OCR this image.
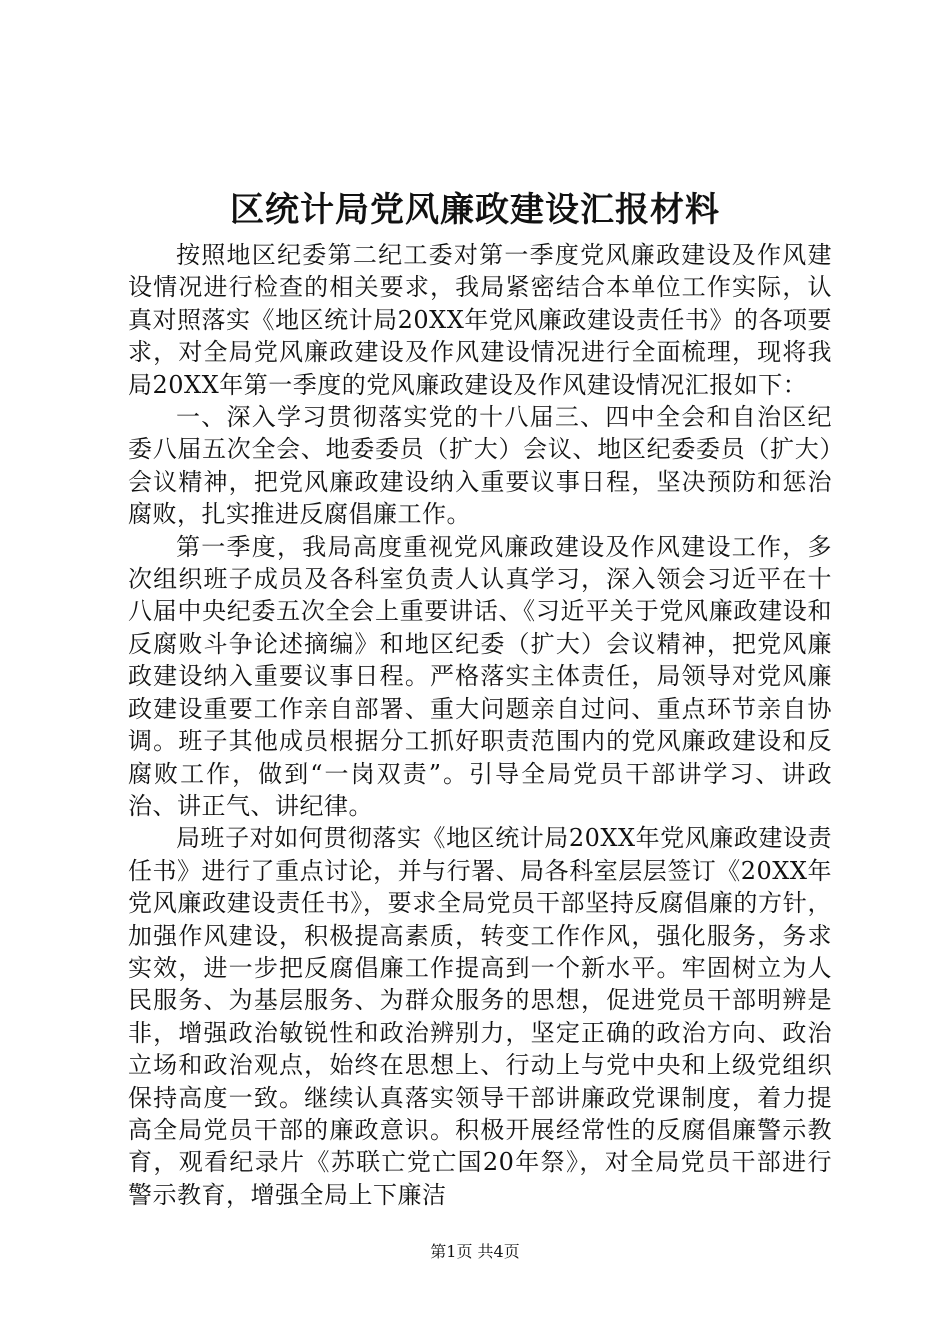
区统计局党风廉政建设汇报材料

按照地区纪委第二纪工委对第一季度党风廉政建设及作风建设情况进行检查的相关要求，我局紧密结合本单位工作实际，认真对照落实《地区统计局20XX年党风廉政建设责任书》的各项要求，对全局党风廉政建设及作风建设情况进行全面梳理，现将我局20XX年第一季度的党风廉政建设及作风建设情况汇报如下：

一、深入学习贯彻落实党的十八届三、四中全会和自治区纪委八届五次全会、地委委员（扩大）会议、地区纪委委员（扩大）会议精神，把党风廉政建设纳入重要议事日程，坚决预防和惩治腐败，扎实推进反腐倡廉工作。

第一季度，我局高度重视党风廉政建设及作风建设工作，多次组织班子成员及各科室负责人认真学习，深入领会习近平在十八届中央纪委五次全会上重要讲话、《习近平关于党风廉政建设和反腐败斗争论述摘编》和地区纪委（扩大）会议精神，把党风廉政建设纳入重要议事日程。严格落实主体责任，局领导对党风廉政建设重要工作亲自部署、重大问题亲自过问、重点环节亲自协调。班子其他成员根据分工抓好职责范围内的党风廉政建设和反腐败工作，做到“一岗双责”。引导全局党员干部讲学习、讲政治、讲正气、讲纪律。

局班子对如何贯彻落实《地区统计局20XX年党风廉政建设责任书》进行了重点讨论，并与行署、局各科室层层签订《20XX年党风廉政建设责任书》，要求全局党员干部坚持反腐倡廉的方针，加强作风建设，积极提高素质，转变工作作风，强化服务，务求实效，进一步把反腐倡廉工作提高到一个新水平。牢固树立为人民服务、为基层服务、为群众服务的思想，促进党员干部明辨是非，增强政治敏锐性和政治辨别力，坚定正确的政治方向、政治立场和政治观点，始终在思想上、行动上与党中央和上级党组织保持高度一致。继续认真落实领导干部讲廉政党课制度，着力提高全局党员干部的廉政意识。积极开展经常性的反腐倡廉警示教育，观看纪录片《苏联亡党亡国20年祭》，对全局党员干部进行警示教育，增强全局上下廉洁

第1页 共4页
